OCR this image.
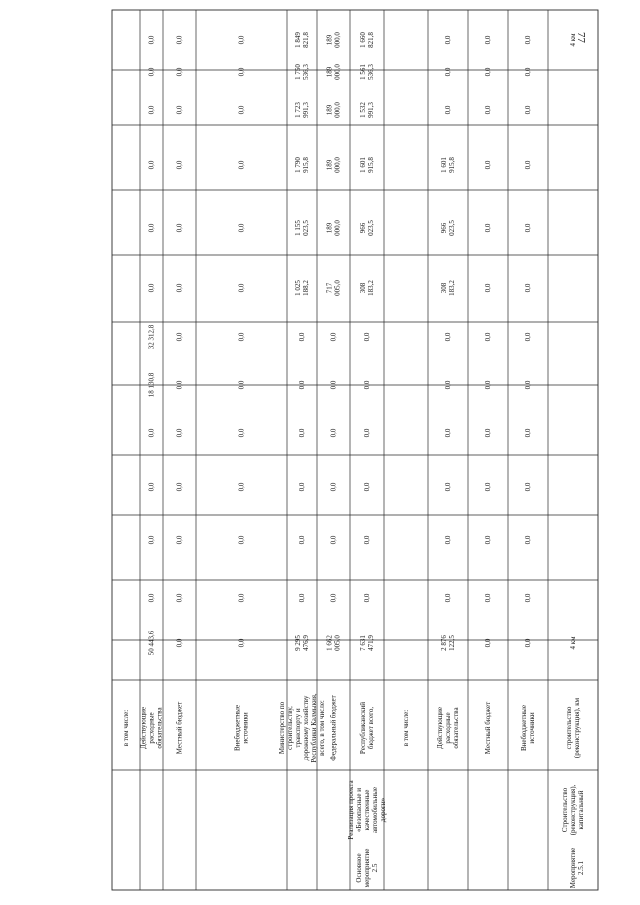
77
в том числе: Действующиерасходныеобязательства
50 443,6
0,0
0,0
0,0
0,0
18 130,8
32 312,8
0,0
0,0
0,0
0,0
0,0
0,0
Местный бюджет
0,0
0,0
0,0
0,0
0,0
0,0
0,0
0,0
0,0
0,0
0,0
0,0
0,0
Внебюджетныеисточники
0,0
0,0
0,0
0,0
0,0
0,0
0,0
0,0
0,0
0,0
0,0
0,0
0,0
Министерство построительству,транспорту идорожному хозяйствуРеспублики Калмыкия,всего, в том числе:
9 295476,9
0,0
0,0
0,0
0,0
0,0
0,0
1 025188,2
1 155023,5
1 790915,8
1 723991,3
1 750536,3
1 849821,8
Федеральный бюджет
1 662005,0
0,0
0,0
0,0
0,0
0,0
0,0
717005,0
189000,0
189000,0
189000,0
189000,0
189000,0
Республиканскийбюджет всего,
Основноемероприятие2.5
Реализация проекта«Безопасные икачественныеавтомобильныедороги»
7 631471,9
0,0
0,0
0,0
0,0
0,0
0,0
308183,2
966023,5
1 601915,8
1 532991,3
1 561536,3
1 660821,8
в том числе:	Действующиерасходныеобязательства
2 876122,5
0,0
0,0
0,0
0,0
0,0
0,0
308183,2
966023,5
1 601915,8
0,0
0,0
0,0
Местный бюджет
0,0
0,0
0,0
0,0
0,0
0,0
0,0
0,0
0,0
0,0
0,0
0,0
0,0
Внебюджетныеисточники
0,0
0,0
0,0
0,0
0,0
0,0
0,0
0,0
0,0
0,0
0,0
0,0
0,0
строительство(реконструкция), км
Мероприятие2.5.1
Строительство(реконструкция),капитальный
4 км
4 км
